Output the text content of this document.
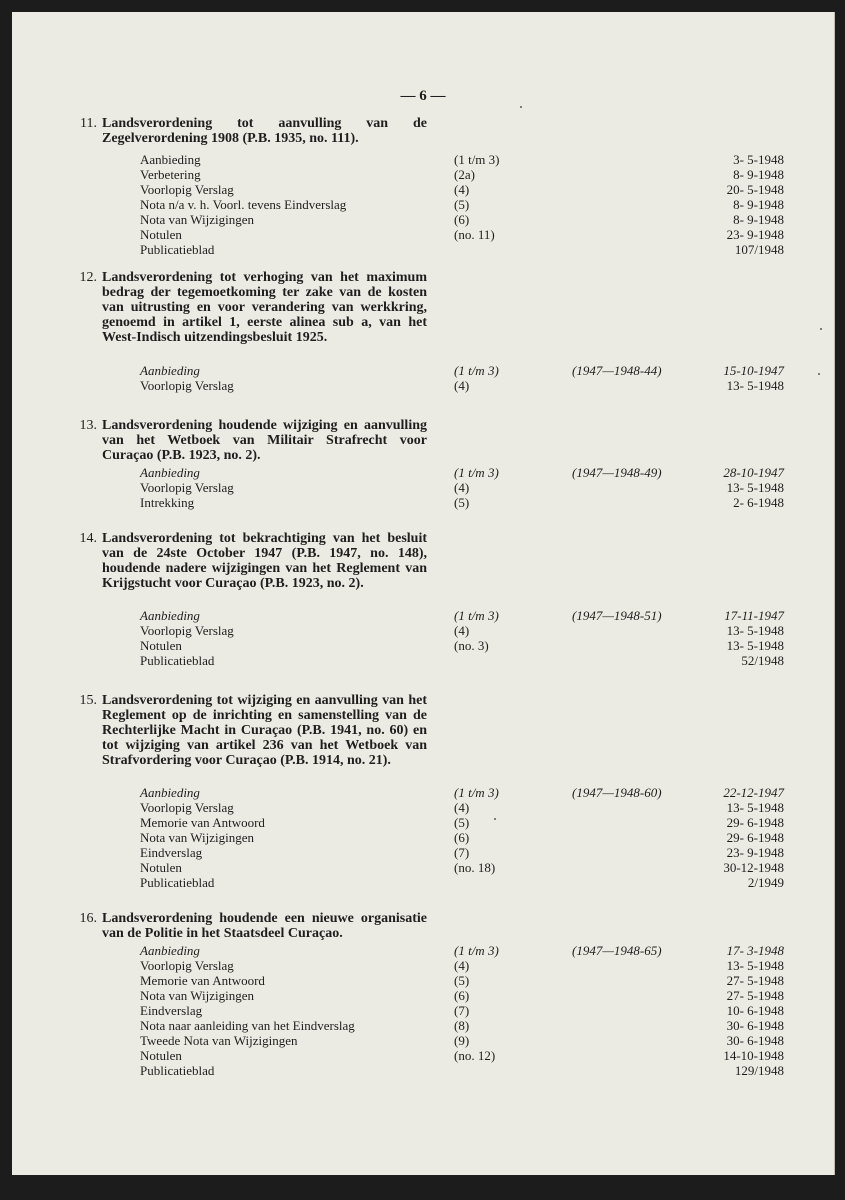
— 6 —
11. Landsverordening tot aanvulling van de Zegelverordening 1908 (P.B. 1935, no. 111).
Aanbieding	(1 t/m 3)	3- 5-1948
Verbetering	(2a)	8- 9-1948
Voorlopig Verslag	(4)	20- 5-1948
Nota n/a v. h. Voorl. tevens Eindverslag	(5)	8- 9-1948
Nota van Wijzigingen	(6)	8- 9-1948
Notulen	(no. 11)	23- 9-1948
Publicatieblad	107/1948
12. Landsverordening tot verhoging van het maximum bedrag der tegemoetkoming ter zake van de kosten van uitrusting en voor verandering van werkkring, genoemd in artikel 1, eerste alinea sub a, van het West-Indisch uitzendingsbesluit 1925.
Aanbieding	(1 t/m 3)	(1947—1948-44)	15-10-1947
Voorlopig Verslag	(4)	13- 5-1948
13. Landsverordening houdende wijziging en aanvulling van het Wetboek van Militair Strafrecht voor Curaçao (P.B. 1923, no. 2).
Aanbieding	(1 t/m 3)	(1947—1948-49)	28-10-1947
Voorlopig Verslag	(4)	13- 5-1948
Intrekking	(5)	2- 6-1948
14. Landsverordening tot bekrachtiging van het besluit van de 24ste October 1947 (P.B. 1947, no. 148), houdende nadere wijzigingen van het Reglement van Krijgstucht voor Curaçao (P.B. 1923, no. 2).
Aanbieding	(1 t/m 3)	(1947—1948-51)	17-11-1947
Voorlopig Verslag	(4)	13- 5-1948
Notulen	(no. 3)	13- 5-1948
Publicatieblad	52/1948
15. Landsverordening tot wijziging en aanvulling van het Reglement op de inrichting en samenstelling van de Rechterlijke Macht in Curaçao (P.B. 1941, no. 60) en tot wijziging van artikel 236 van het Wetboek van Strafvordering voor Curaçao (P.B. 1914, no. 21).
Aanbieding	(1 t/m 3)	(1947—1948-60)	22-12-1947
Voorlopig Verslag	(4)	13- 5-1948
Memorie van Antwoord	(5)	29- 6-1948
Nota van Wijzigingen	(6)	29- 6-1948
Eindverslag	(7)	23- 9-1948
Notulen	(no. 18)	30-12-1948
Publicatieblad	2/1949
16. Landsverordening houdende een nieuwe organisatie van de Politie in het Staatsdeel Curaçao.
Aanbieding	(1 t/m 3)	(1947—1948-65)	17- 3-1948
Voorlopig Verslag	(4)	13- 5-1948
Memorie van Antwoord	(5)	27- 5-1948
Nota van Wijzigingen	(6)	27- 5-1948
Eindverslag	(7)	10- 6-1948
Nota naar aanleiding van het Eindverslag	(8)	30- 6-1948
Tweede Nota van Wijzigingen	(9)	30- 6-1948
Notulen	(no. 12)	14-10-1948
Publicatieblad	129/1948
